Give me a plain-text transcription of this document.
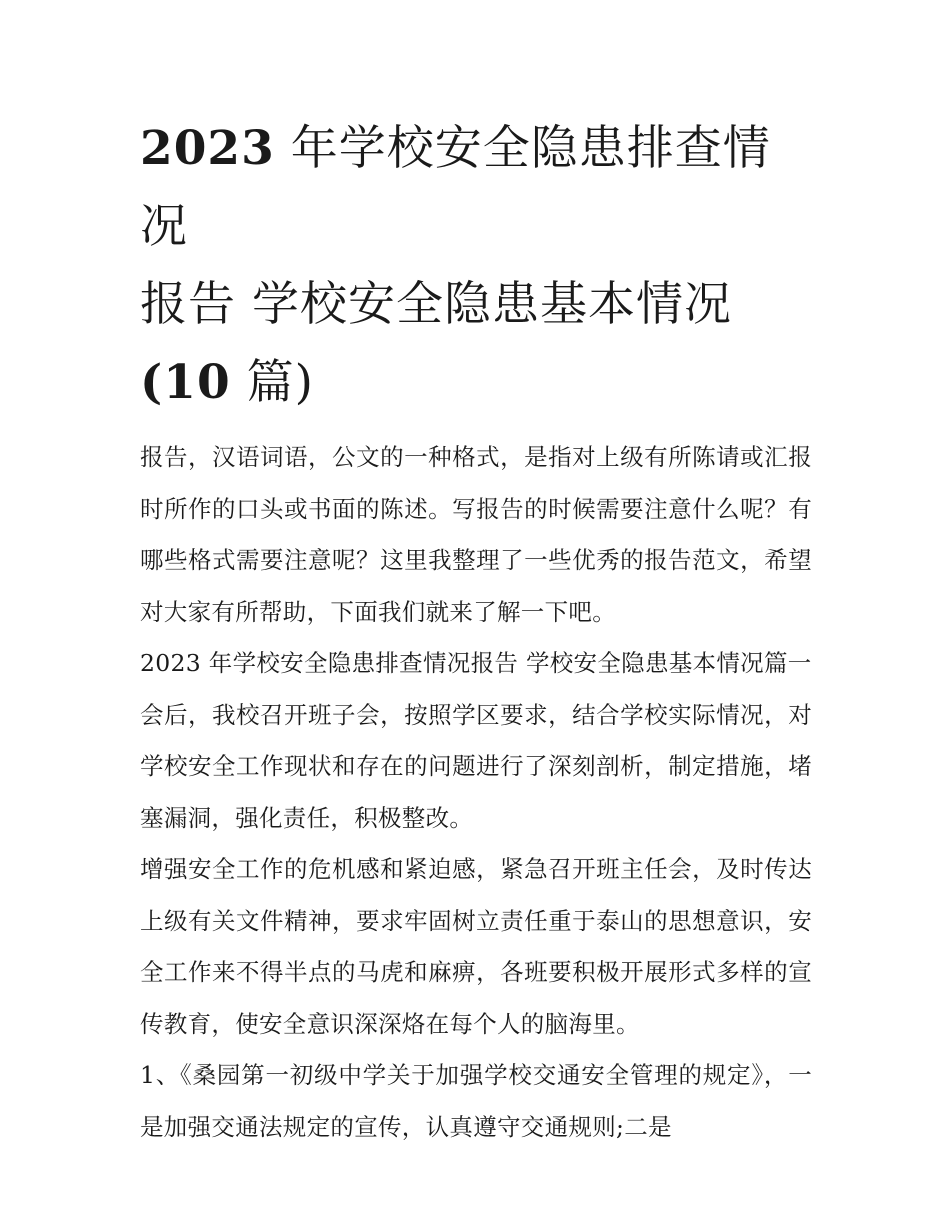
2023 年学校安全隐患排查情况
报告 学校安全隐患基本情况
(10 篇)

报告，汉语词语，公文的一种格式，是指对上级有所陈请或汇报时所作的口头或书面的陈述。写报告的时候需要注意什么呢？有哪些格式需要注意呢？这里我整理了一些优秀的报告范文，希望对大家有所帮助，下面我们就来了解一下吧。

2023 年学校安全隐患排查情况报告 学校安全隐患基本情况篇一

会后，我校召开班子会，按照学区要求，结合学校实际情况，对学校安全工作现状和存在的问题进行了深刻剖析，制定措施，堵塞漏洞，强化责任，积极整改。

增强安全工作的危机感和紧迫感，紧急召开班主任会，及时传达上级有关文件精神，要求牢固树立责任重于泰山的思想意识，安全工作来不得半点的马虎和麻痹，各班要积极开展形式多样的宣传教育，使安全意识深深烙在每个人的脑海里。

1、《桑园第一初级中学关于加强学校交通安全管理的规定》，一是加强交通法规定的宣传，认真遵守交通规则;二是
